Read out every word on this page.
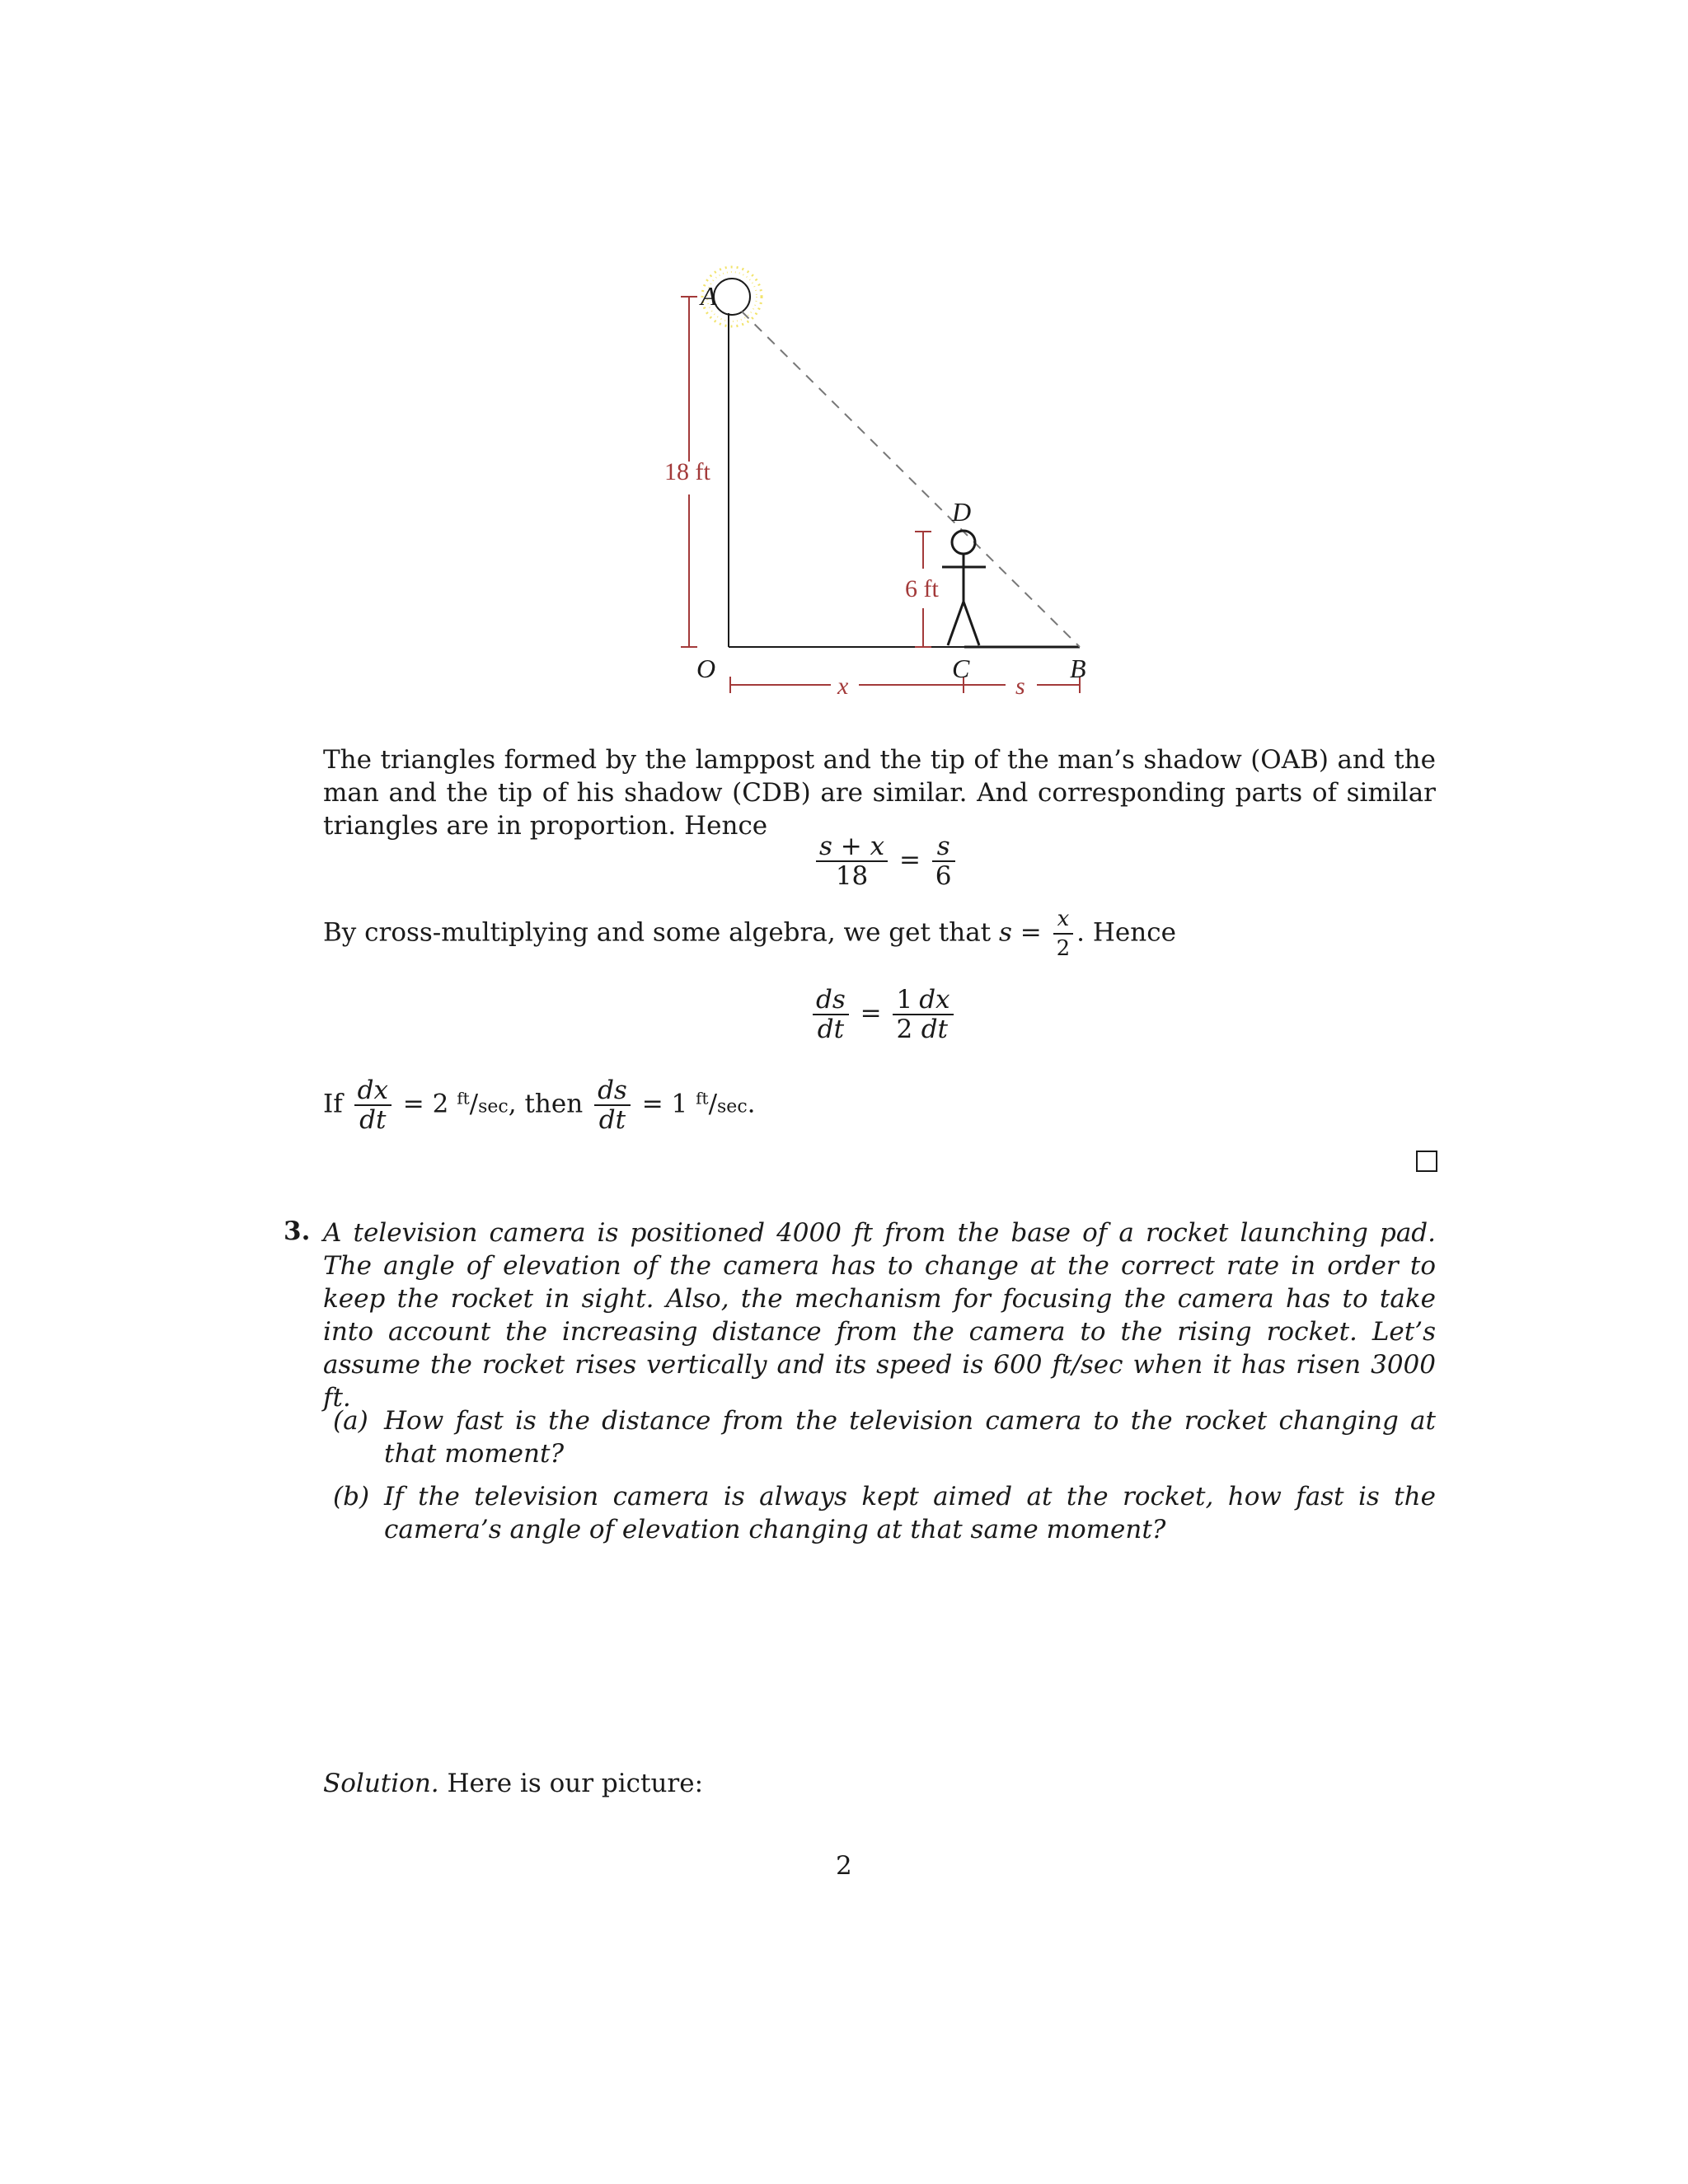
A
O
D
C	B
18 ft
6 ft
x	s
The triangles formed by the lamppost and the tip of the man’s shadow (OAB) and the man and the tip of his shadow (CDB) are similar. And corresponding parts of similar triangles are in proportion. Hence
$\frac{s + x}{18} = \frac{s}{6}$
By cross-multiplying and some algebra, we get that $s = \frac{x}{2}$ . Hence
$\frac{ds}{dt} = \frac{1}{2} \frac{dx}{dt}$
If $\frac{dx}{dt} = 2$ $^{ft}$/sec, then $\frac{ds}{dt} = 1$ $^{ft}$/sec.
3. A television camera is positioned 4000 ft from the base of a rocket launching pad. The angle of elevation of the camera has to change at the correct rate in order to keep the rocket in sight. Also, the mechanism for focusing the camera has to take into account the increasing distance from the camera to the rising rocket. Let’s assume the rocket rises vertically and its speed is 600 ft/sec when it has risen 3000 ft.
(a) How fast is the distance from the television camera to the rocket changing at that moment?
(b) If the television camera is always kept aimed at the rocket, how fast is the camera’s angle of elevation changing at that same moment?
Solution. Here is our picture:
2
